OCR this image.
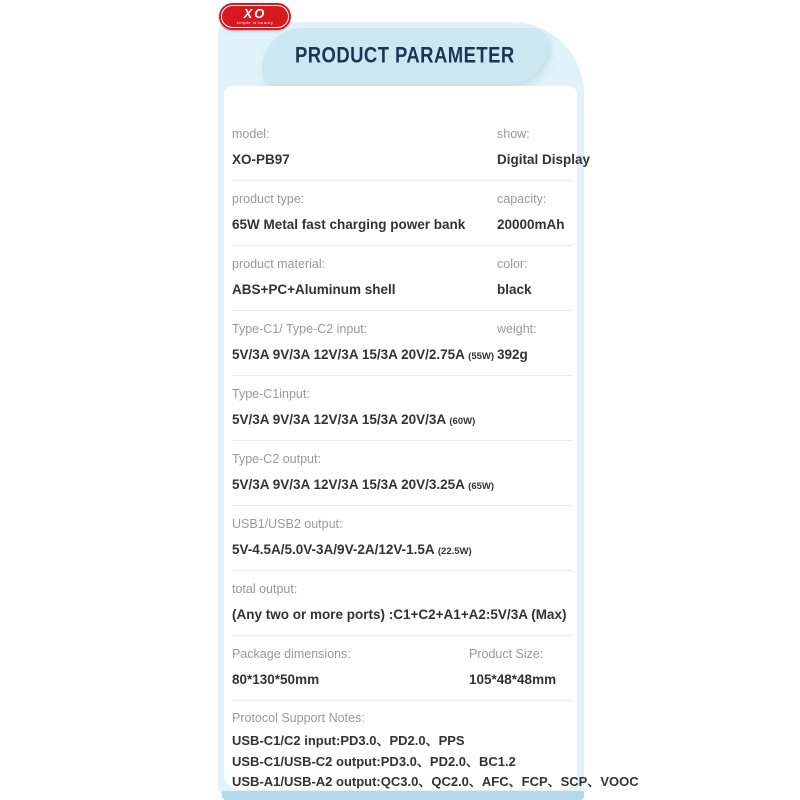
PRODUCT PARAMETER
model:
XO-PB97
show:
Digital Display
product type:
65W Metal fast charging power bank
capacity:
20000mAh
product material:
ABS+PC+Aluminum shell
color:
black
Type-C1/ Type-C2 input:
5V/3A 9V/3A 12V/3A 15/3A 20V/2.75A (55W)
weight:
392g
Type-C1input:
5V/3A 9V/3A 12V/3A 15/3A 20V/3A (60W)
Type-C2 output:
5V/3A 9V/3A 12V/3A 15/3A 20V/3.25A (65W)
USB1/USB2 output:
5V-4.5A/5.0V-3A/9V-2A/12V-1.5A (22.5W)
total output:
(Any two or more ports) :C1+C2+A1+A2:5V/3A (Max)
Package dimensions:
80*130*50mm
Product Size:
105*48*48mm
Protocol Support Notes:
USB-C1/C2 input:PD3.0、PD2.0、PPS
USB-C1/USB-C2 output:PD3.0、PD2.0、BC1.2
USB-A1/USB-A2 output:QC3.0、QC2.0、AFC、FCP、SCP、VOOC
XO
simple is beauty
